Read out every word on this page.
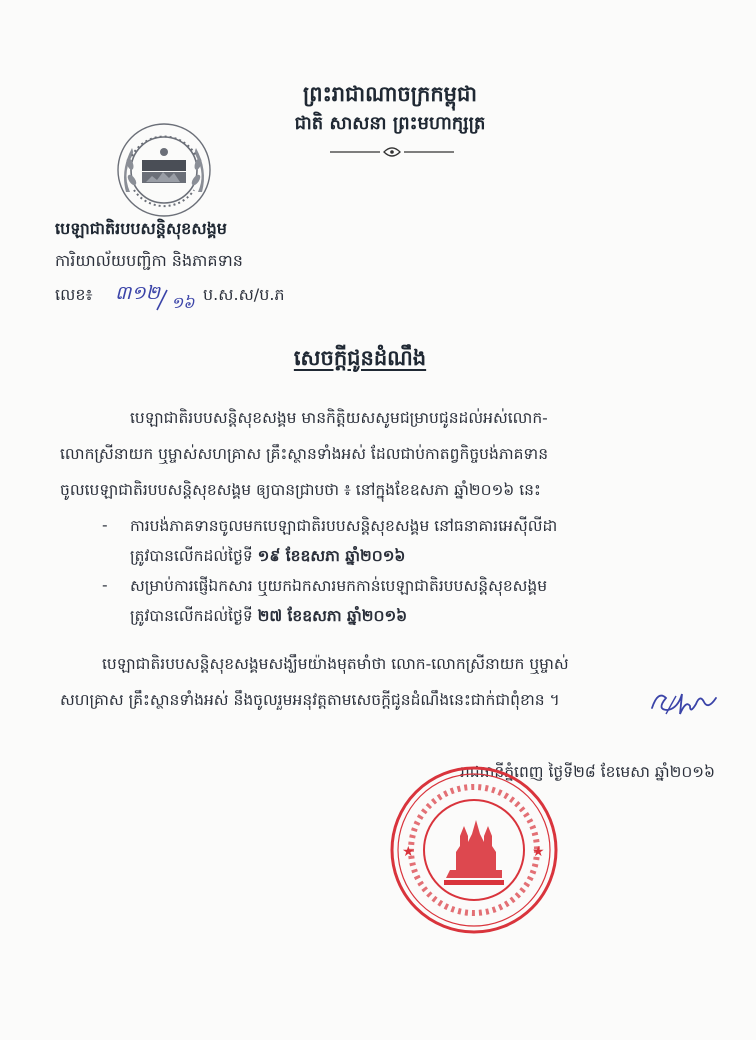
ព្រះរាជាណាចក្រកម្ពុជា
ជាតិ សាសនា ព្រះមហាក្សត្រ
បេឡាជាតិរបបសន្តិសុខសង្គម
ការិយាល័យបញ្ជិកា និងភាគទាន
លេខ៖ ៣១២ ១៦ ប.ស.ស/ប.ភ
សេចក្តីជូនដំណឹង
បេឡាជាតិរបបសន្តិសុខសង្គម មានកិត្តិយសសូមជម្រាបជូនដល់អស់លោក-
លោកស្រីនាយក ឬម្ចាស់សហគ្រាស គ្រឹះស្ថានទាំងអស់ ដែលជាប់កាតព្វកិច្ចបង់ភាគទាន
ចូលបេឡាជាតិរបបសន្តិសុខសង្គម ឲ្យបានជ្រាបថា ៖ នៅក្នុងខែឧសភា ឆ្នាំ២០១៦ នេះ
- ការបង់ភាគទានចូលមកបេឡាជាតិរបបសន្តិសុខសង្គម នៅធនាគារអេស៊ីលីដា
ត្រូវបានលើកដល់ថ្ងៃទី ១៩ ខែឧសភា ឆ្នាំ២០១៦
- សម្រាប់ការផ្ញើឯកសារ ឬយកឯកសារមកកាន់បេឡាជាតិរបបសន្តិសុខសង្គម
ត្រូវបានលើកដល់ថ្ងៃទី ២៧ ខែឧសភា ឆ្នាំ២០១៦
បេឡាជាតិរបបសន្តិសុខសង្គមសង្ឃឹមយ៉ាងមុតមាំថា លោក-លោកស្រីនាយក ឬម្ចាស់
សហគ្រាស គ្រឹះស្ថានទាំងអស់ នឹងចូលរួមអនុវត្តតាមសេចក្តីជូនដំណឹងនេះជាក់ជាពុំខាន ។
រាជធានីភ្នំពេញ ថ្ងៃទី២៨ ខែមេសា ឆ្នាំ២០១៦
★	★
